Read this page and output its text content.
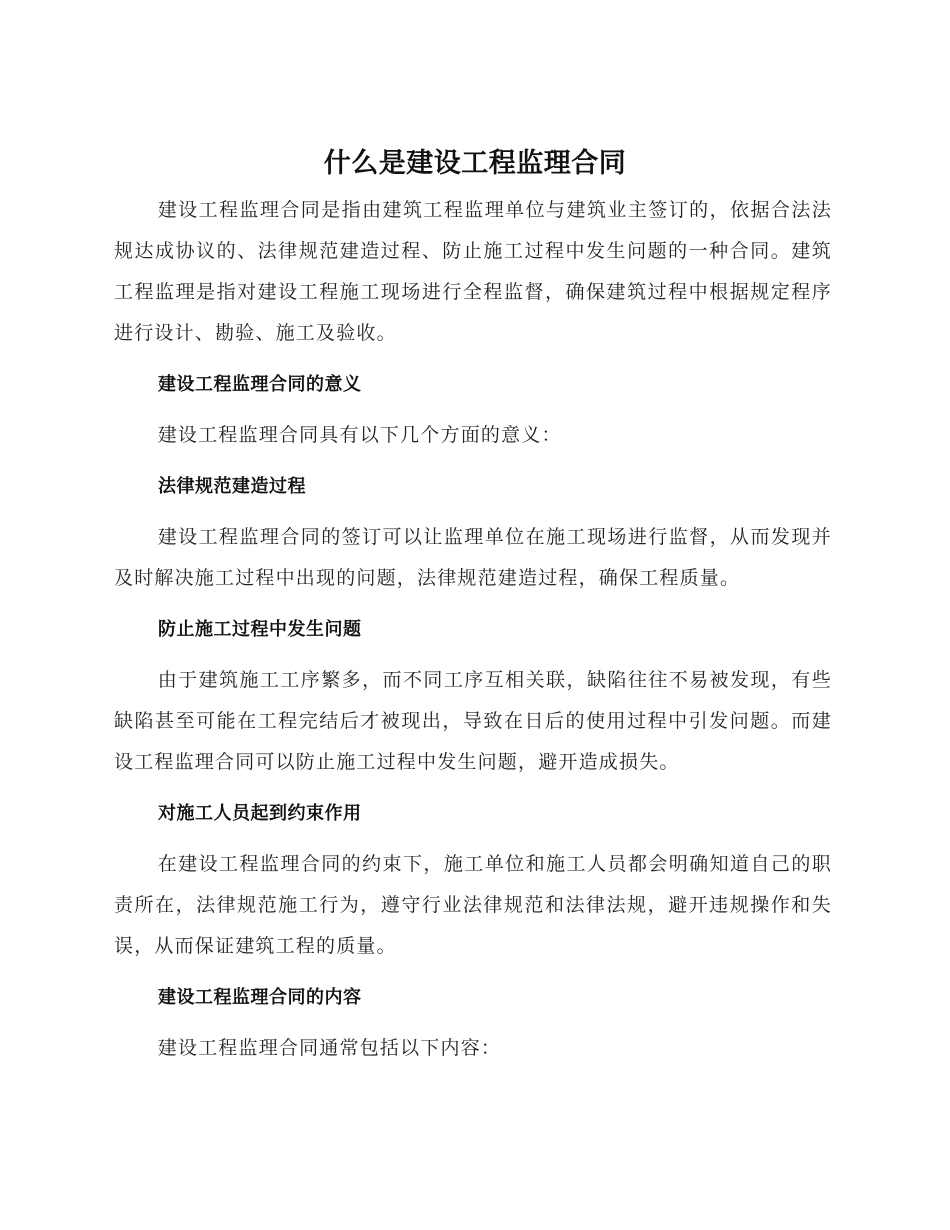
什么是建设工程监理合同

建设工程监理合同是指由建筑工程监理单位与建筑业主签订的，依据合法法规达成协议的、法律规范建造过程、防止施工过程中发生问题的一种合同。建筑工程监理是指对建设工程施工现场进行全程监督，确保建筑过程中根据规定程序进行设计、勘验、施工及验收。

建设工程监理合同的意义

建设工程监理合同具有以下几个方面的意义：

法律规范建造过程

建设工程监理合同的签订可以让监理单位在施工现场进行监督，从而发现并及时解决施工过程中出现的问题，法律规范建造过程，确保工程质量。

防止施工过程中发生问题

由于建筑施工工序繁多，而不同工序互相关联，缺陷往往不易被发现，有些缺陷甚至可能在工程完结后才被现出，导致在日后的使用过程中引发问题。而建设工程监理合同可以防止施工过程中发生问题，避开造成损失。

对施工人员起到约束作用

在建设工程监理合同的约束下，施工单位和施工人员都会明确知道自己的职责所在，法律规范施工行为，遵守行业法律规范和法律法规，避开违规操作和失误，从而保证建筑工程的质量。

建设工程监理合同的内容

建设工程监理合同通常包括以下内容：
